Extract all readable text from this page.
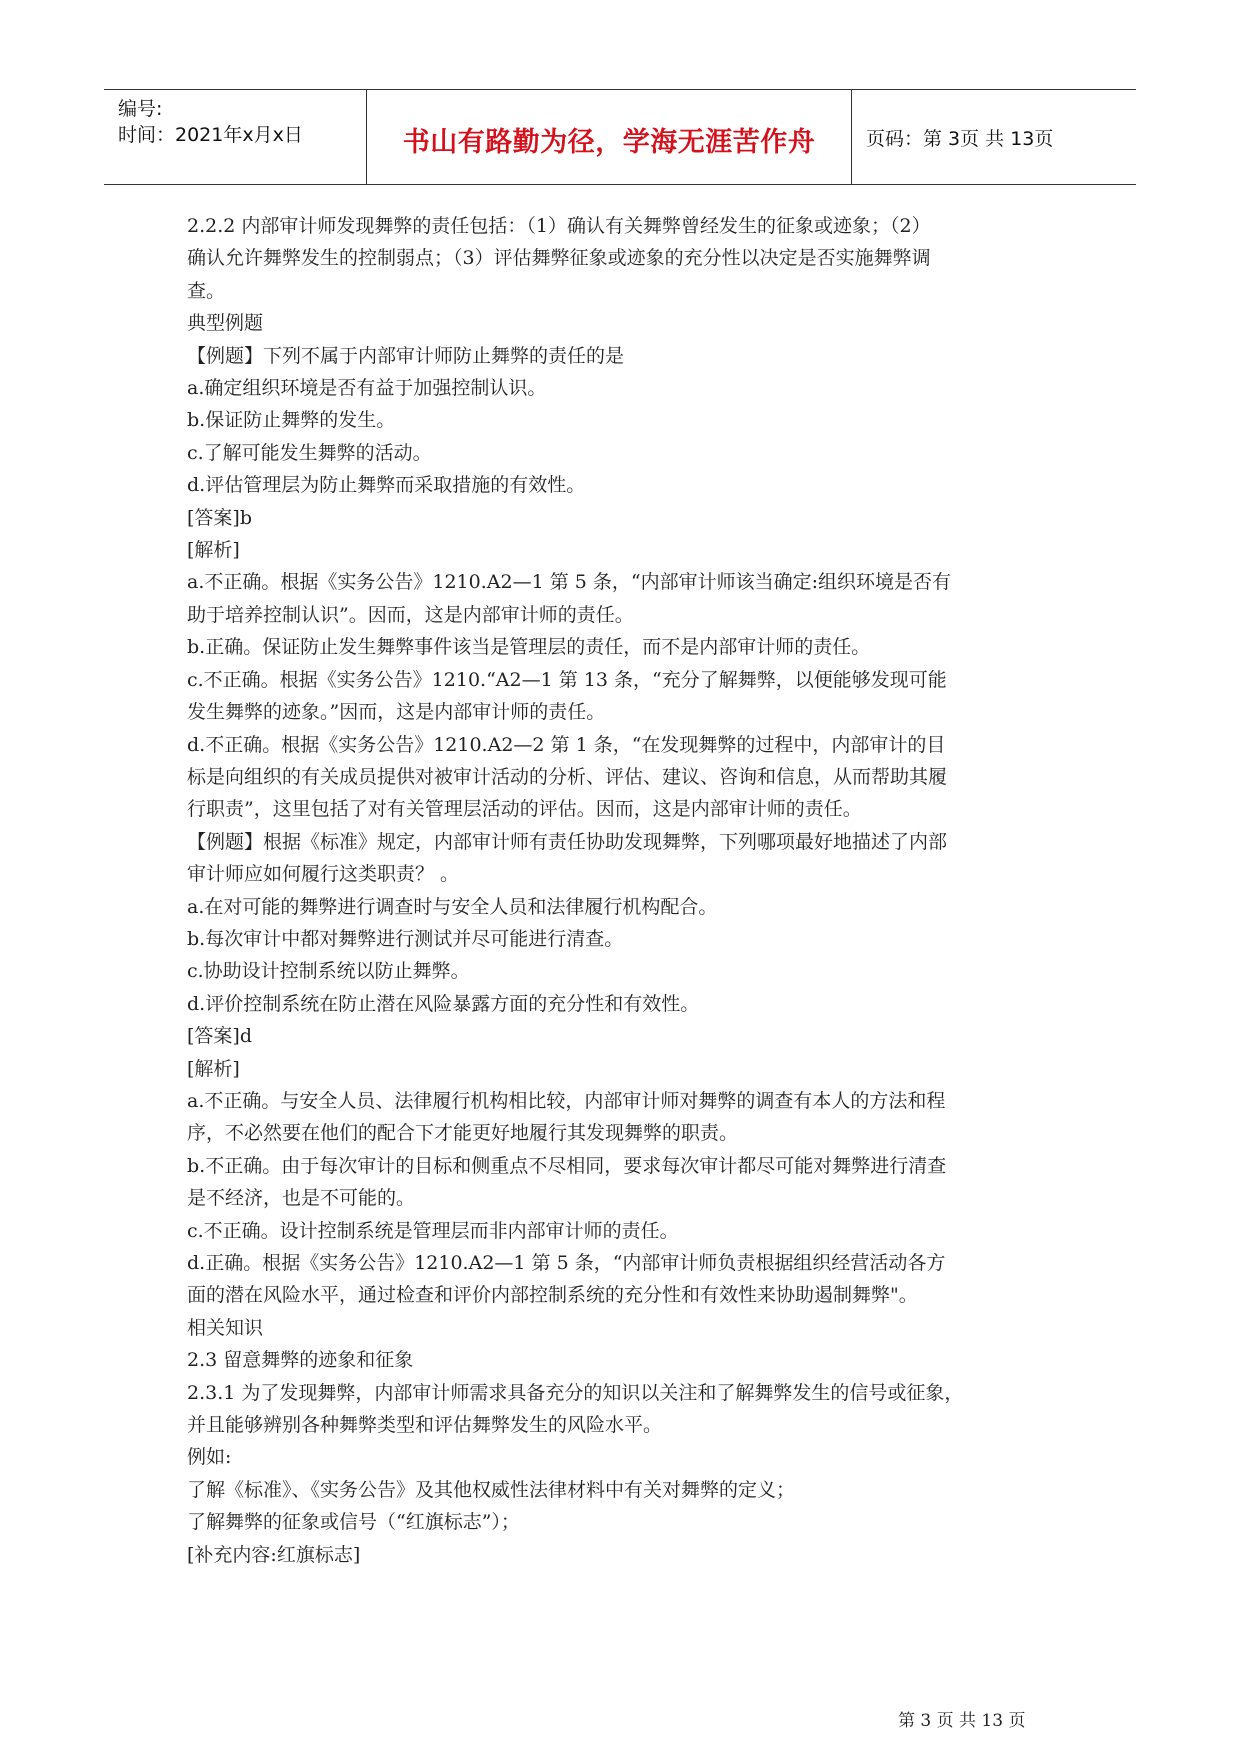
编号:
时间：2021年x月x日	书山有路勤为径，学海无涯苦作舟	页码：第 3页 共 13页
2.2.2 内部审计师发现舞弊的责任包括：（1）确认有关舞弊曾经发生的征象或迹象；（2）
确认允许舞弊发生的控制弱点；（3）评估舞弊征象或迹象的充分性以决定是否实施舞弊调
查。
典型例题
【例题】下列不属于内部审计师防止舞弊的责任的是
a.确定组织环境是否有益于加强控制认识。
b.保证防止舞弊的发生。
c.了解可能发生舞弊的活动。
d.评估管理层为防止舞弊而采取措施的有效性。
[答案]b
[解析]
a.不正确。根据《实务公告》1210.A2—1 第 5 条，“内部审计师该当确定:组织环境是否有
助于培养控制认识”。因而，这是内部审计师的责任。
b.正确。保证防止发生舞弊事件该当是管理层的责任，而不是内部审计师的责任。
c.不正确。根据《实务公告》1210.“A2—1 第 13 条，“充分了解舞弊，以便能够发现可能
发生舞弊的迹象。”因而，这是内部审计师的责任。
d.不正确。根据《实务公告》1210.A2—2 第 1 条，“在发现舞弊的过程中，内部审计的目
标是向组织的有关成员提供对被审计活动的分析、评估、建议、咨询和信息，从而帮助其履
行职责”，这里包括了对有关管理层活动的评估。因而，这是内部审计师的责任。
【例题】根据《标准》规定，内部审计师有责任协助发现舞弊，下列哪项最好地描述了内部
审计师应如何履行这类职责？ 。
a.在对可能的舞弊进行调查时与安全人员和法律履行机构配合。
b.每次审计中都对舞弊进行测试并尽可能进行清查。
c.协助设计控制系统以防止舞弊。
d.评价控制系统在防止潜在风险暴露方面的充分性和有效性。
[答案]d
[解析]
a.不正确。与安全人员、法律履行机构相比较，内部审计师对舞弊的调查有本人的方法和程
序，不必然要在他们的配合下才能更好地履行其发现舞弊的职责。
b.不正确。由于每次审计的目标和侧重点不尽相同，要求每次审计都尽可能对舞弊进行清查
是不经济，也是不可能的。
c.不正确。设计控制系统是管理层而非内部审计师的责任。
d.正确。根据《实务公告》1210.A2—1 第 5 条，“内部审计师负责根据组织经营活动各方
面的潜在风险水平，通过检查和评价内部控制系统的充分性和有效性来协助遏制舞弊"。
相关知识
2.3 留意舞弊的迹象和征象
2.3.1 为了发现舞弊，内部审计师需求具备充分的知识以关注和了解舞弊发生的信号或征象，
并且能够辨别各种舞弊类型和评估舞弊发生的风险水平。
例如:
了解《标准》、《实务公告》及其他权威性法律材料中有关对舞弊的定义；
了解舞弊的征象或信号（“红旗标志”）；
[补充内容:红旗标志]
第 3 页 共 13 页
